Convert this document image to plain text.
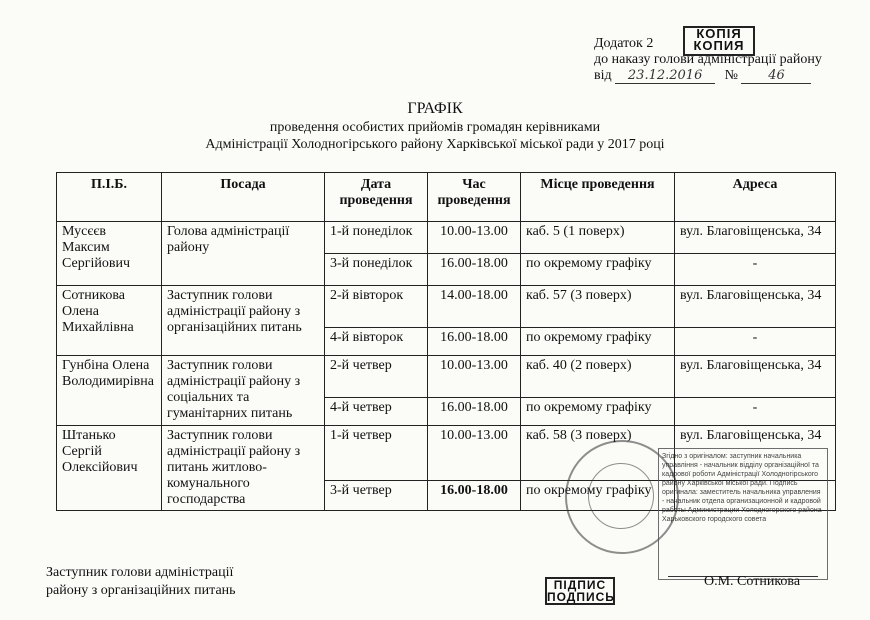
КОПІЯ
КОПИЯ
Додаток 2
до наказу голови адміністрації району
від 23.12.2016 № 46
ГРАФІК
проведення особистих прийомів громадян керівниками
Адміністрації Холодногірського району Харківської міської ради у 2017 році
П.І.Б.	Посада	Дата проведення	Час проведення	Місце проведення	Адреса
Мусєєв Максим Сергійович	Голова адміністрації району	1-й понеділок	10.00-13.00	каб. 5 (1 поверх)	вул. Благовіщенська, 34
		3-й понеділок	16.00-18.00	по окремому графіку	-
Сотникова Олена Михайлівна	Заступник голови адміністрації району з організаційних питань	2-й вівторок	14.00-18.00	каб. 57 (3 поверх)	вул. Благовіщенська, 34
		4-й вівторок	16.00-18.00	по окремому графіку	-
Гунбіна Олена Володимирівна	Заступник голови адміністрації району з соціальних та гуманітарних питань	2-й четвер	10.00-13.00	каб. 40 (2 поверх)	вул. Благовіщенська, 34
		4-й четвер	16.00-18.00	по окремому графіку	-
Штанько Сергій Олексійович	Заступник голови адміністрації району з питань житлово-комунального господарства	1-й четвер	10.00-13.00	каб. 58 (3 поверх)	вул. Благовіщенська, 34
		3-й четвер	16.00-18.00	по окремому графіку	
Згідно з оригіналом: заступник начальника управління - начальник відділу організаційної та кадрової роботи Адміністрації Холодногірського району Харківської міської ради. Подпись оригинала: заместитель начальника управления - начальник отдела организационной и кадровой работы Администрации Холодногорского района Харьковского городского совета
Заступник голови адміністрації
району з організаційних питань	ПІДПИС
ПОДПИСЬ
О.М. Сотникова
